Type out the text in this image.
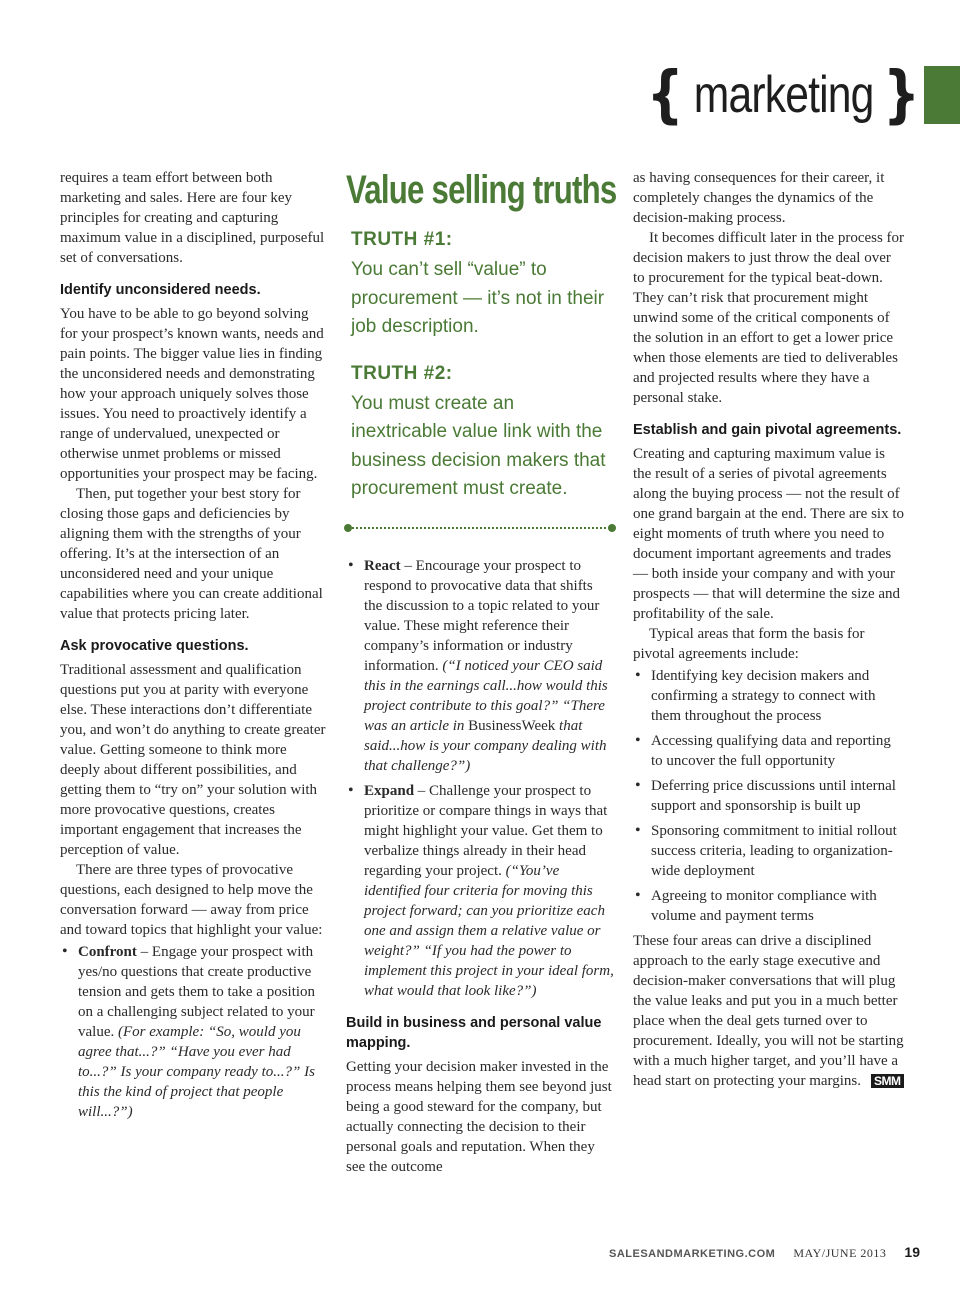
{ marketing }

requires a team effort between both marketing and sales. Here are four key principles for creating and capturing maximum value in a disciplined, purposeful set of conversations.

Identify unconsidered needs.

You have to be able to go beyond solving for your prospect’s known wants, needs and pain points. The bigger value lies in finding the unconsidered needs and demonstrating how your approach uniquely solves those issues. You need to proactively identify a range of undervalued, unexpected or otherwise unmet problems or missed opportunities your prospect may be facing.

Then, put together your best story for closing those gaps and deficiencies by aligning them with the strengths of your offering. It’s at the intersection of an unconsidered need and your unique capabilities where you can create additional value that protects pricing later.

Ask provocative questions.

Traditional assessment and qualification questions put you at parity with everyone else. These interactions don’t differentiate you, and won’t do anything to create greater value. Getting someone to think more deeply about different possibilities, and getting them to “try on” your solution with more provocative questions, creates important engagement that increases the perception of value.

There are three types of provocative questions, each designed to help move the conversation forward — away from price and toward topics that highlight your value:

• Confront – Engage your prospect with yes/no questions that create productive tension and gets them to take a position on a challenging subject related to your value. (For example: “So, would you agree that...?” “Have you ever had to...?” Is your company ready to...?” Is this the kind of project that people will...?”)
Value selling truths
TRUTH #1:
You can’t sell “value” to procurement — it’s not in their job description.
TRUTH #2:
You must create an inextricable value link with the business decision makers that procurement must create.
• React – Encourage your prospect to respond to provocative data that shifts the discussion to a topic related to your value. These might reference their company’s information or industry information. (“I noticed your CEO said this in the earnings call...how would this project contribute to this goal?” “There was an article in BusinessWeek that said...how is your company dealing with that challenge?”)
• Expand – Challenge your prospect to prioritize or compare things in ways that might highlight your value. Get them to verbalize things already in their head regarding your project. (“You’ve identified four criteria for moving this project forward; can you prioritize each one and assign them a relative value or weight?” “If you had the power to implement this project in your ideal form, what would that look like?”)
Build in business and personal value mapping.

Getting your decision maker invested in the process means helping them see beyond just being a good steward for the company, but actually connecting the decision to their personal goals and reputation. When they see the outcome

as having consequences for their career, it completely changes the dynamics of the decision-making process.

It becomes difficult later in the process for decision makers to just throw the deal over to procurement for the typical beat-down. They can’t risk that procurement might unwind some of the critical components of the solution in an effort to get a lower price when those elements are tied to deliverables and projected results where they have a personal stake.

Establish and gain pivotal agreements.

Creating and capturing maximum value is the result of a series of pivotal agreements along the buying process — not the result of one grand bargain at the end. There are six to eight moments of truth where you need to document important agreements and trades — both inside your company and with your prospects — that will determine the size and profitability of the sale.

Typical areas that form the basis for pivotal agreements include:

• Identifying key decision makers and confirming a strategy to connect with them throughout the process
• Accessing qualifying data and reporting to uncover the full opportunity
• Deferring price discussions until internal support and sponsorship is built up
• Sponsoring commitment to initial rollout success criteria, leading to organization-wide deployment
• Agreeing to monitor compliance with volume and payment terms

These four areas can drive a disciplined approach to the early stage executive and decision-maker conversations that will plug the value leaks and put you in a much better place when the deal gets turned over to procurement. Ideally, you will not be starting with a much higher target, and you’ll have a head start on protecting your margins. SMM

SALESANDMARKETING.COM MAY/JUNE 2013 19
